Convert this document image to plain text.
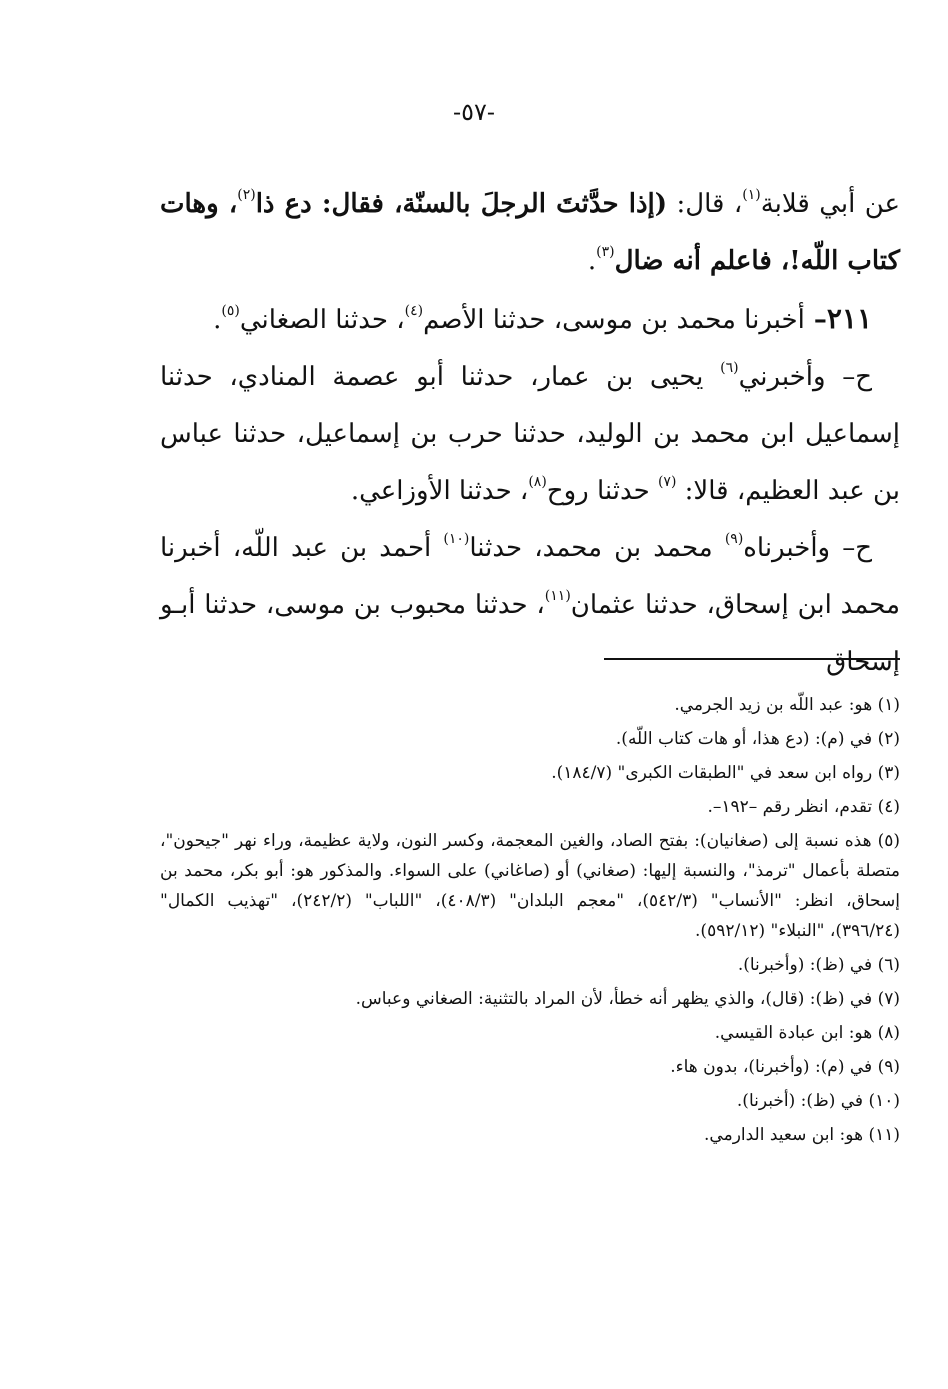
-٥٧-

عن أبي قلابة$^{(١)}$، قال: (إذا حدَّثتَ الرجلَ بالسنّة، فقال: دع ذا$^{(٢)}$، وهات كتاب اللّه!، فاعلم أنه ضال$^{(٣)}$.

٢١١– أخبرنا محمد بن موسى، حدثنا الأصم$^{(٤)}$، حدثنا الصغاني$^{(٥)}$.

ح– وأخبرني$^{(٦)}$ يحيى بن عمار، حدثنا أبو عصمة المنادي، حدثنا إسماعيل ابن محمد بن الوليد، حدثنا حرب بن إسماعيل، حدثنا عباس بن عبد العظيم، قالا: $^{(٧)}$ حدثنا روح$^{(٨)}$، حدثنا الأوزاعي.

ح– وأخبرناه$^{(٩)}$ محمد بن محمد، حدثنا$^{(١٠)}$ أحمد بن عبد اللّه، أخبرنا محمد ابن إسحاق، حدثنا عثمان$^{(١١)}$، حدثنا محبوب بن موسى، حدثنا أبـو إسحاق

(١) هو: عبد اللّه بن زيد الجرمي.

(٢) في (م): (دع هذا، أو هات كتاب اللّه).

(٣) رواه ابن سعد في "الطبقات الكبرى" (١٨٤/٧).

(٤) تقدم، انظر رقم –١٩٢–.

(٥) هذه نسبة إلى (صغانيان): بفتح الصاد، والغين المعجمة، وكسر النون، ولاية عظيمة، وراء نهر "جيحون"، متصلة بأعمال "ترمذ"، والنسبة إليها: (صغاني) أو (صاغاني) على السواء. والمذكور هو: أبو بكر، محمد بن إسحاق، انظر: "الأنساب" (٥٤٢/٣)، "معجم البلدان" (٤٠٨/٣)، "اللباب" (٢٤٢/٢)، "تهذيب الكمال" (٣٩٦/٢٤)، "النبلاء" (٥٩٢/١٢).

(٦) في (ظ): (وأخبرنا).

(٧) في (ظ): (قال)، والذي يظهر أنه خطأ، لأن المراد بالتثنية: الصغاني وعباس.

(٨) هو: ابن عبادة القيسي.

(٩) في (م): (وأخبرنا)، بدون هاء.

(١٠) في (ظ): (أخبرنا).

(١١) هو: ابن سعيد الدارمي.
